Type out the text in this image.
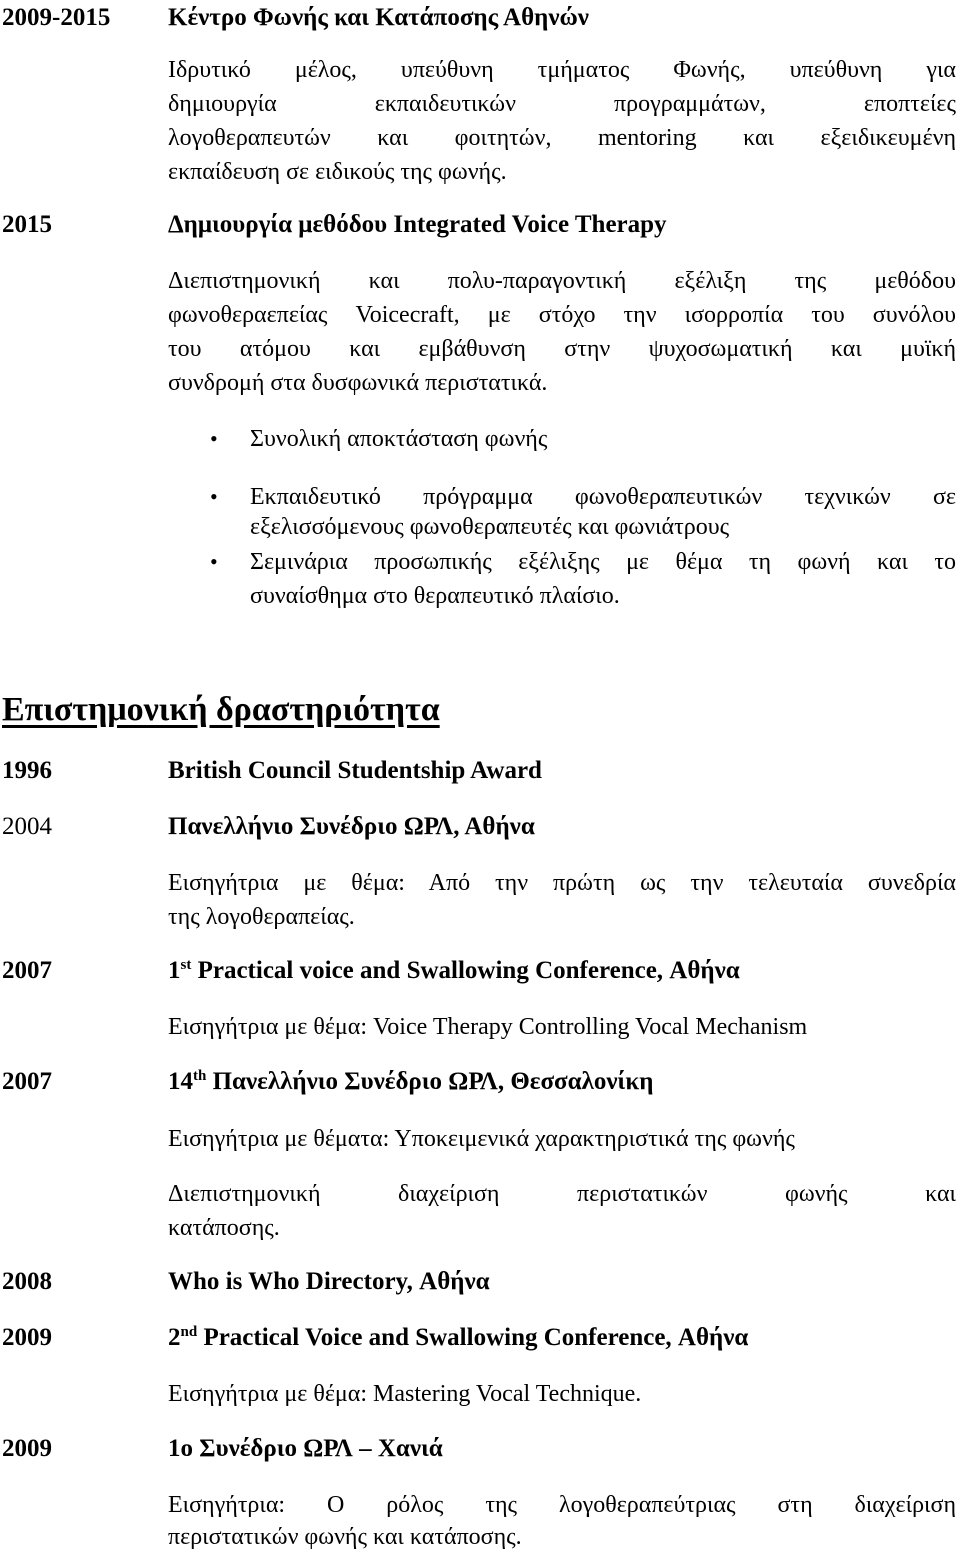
2009-2015 Κέντρο Φωνής και Κατάποσης Αθηνών
Ιδρυτικό μέλος, υπεύθυνη τμήματος Φωνής, υπεύθυνη για
δημιουργία εκπαιδευτικών προγραμμάτων, εποπτείες
λογοθεραπευτών και φοιτητών, mentoring και εξειδικευμένη
εκπαίδευση σε ειδικούς της φωνής.
2015	Δημιουργία μεθόδου Integrated Voice Therapy
Διεπιστημονική και πολυ-παραγοντική εξέλιξη της μεθόδου
φωνοθεραεπείας Voicecraft, με στόχο την ισορροπία του συνόλου
του ατόμου και εμβάθυνση στην ψυχοσωματική και μυϊκή
συνδρομή στα δυσφωνικά περιστατικά.
• Συνολική αποκτάσταση φωνής
• Εκπαιδευτικό πρόγραμμα φωνοθεραπευτικών τεχνικών σε
εξελισσόμενους φωνοθεραπευτές και φωνιάτρους
• Σεμινάρια προσωπικής εξέλιξης με θέμα τη φωνή και το
συναίσθημα στο θεραπευτικό πλαίσιο.
Επιστημονική δραστηριότητα
1996	British Council Studentship Award
2004	Πανελλήνιο Συνέδριο ΩΡΛ, Αθήνα
Εισηγήτρια με θέμα: Από την πρώτη ως την τελευταία συνεδρία
της λογοθεραπείας.
2007	1st Practical voice and Swallowing Conference, Αθήνα
Εισηγήτρια με θέμα: Voice Therapy Controlling Vocal Mechanism
2007	14th Πανελλήνιο Συνέδριο ΩΡΛ, Θεσσαλονίκη
Εισηγήτρια με θέματα: Υποκειμενικά χαρακτηριστικά της φωνής
Διεπιστημονική διαχείριση περιστατικών φωνής και
κατάποσης.
2008	Who is Who Directory, Αθήνα
2009	2nd Practical Voice and Swallowing Conference, Αθήνα
Εισηγήτρια με θέμα: Mastering Vocal Technique.
2009	1ο Συνέδριο ΩΡΛ – Χανιά
Εισηγήτρια: Ο ρόλος της λογοθεραπεύτριας στη διαχείριση
περιστατικών φωνής και κατάποσης.
